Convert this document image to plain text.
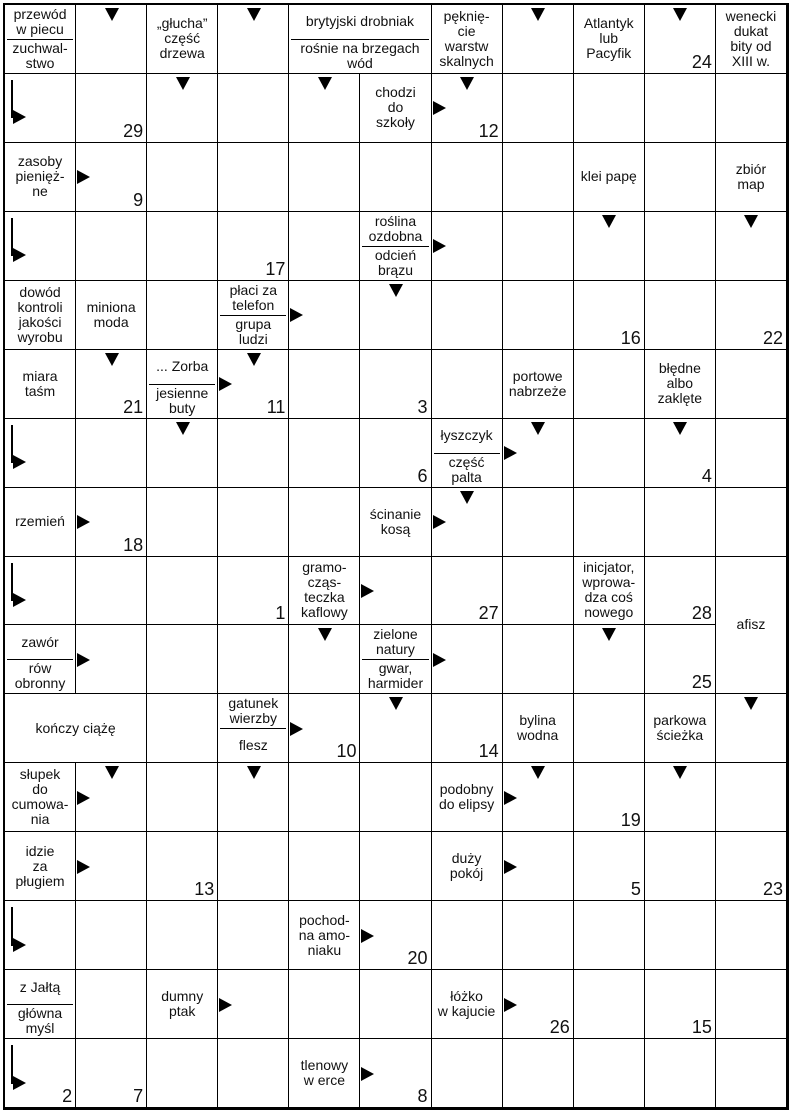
przewód
w piecu
zuchwal-
stwo
„głucha”
część
drzewa
brytyjski drobniak
rośnie na brzegach
wód
pęknię-
cie
warstw
skalnych
Atlantyk
lub
Pacyfik
wenecki
dukat
bity od
XIII w.
chodzi
do
szkoły
zasoby
pienięż-
ne
klei papę	zbiór
map
roślina
ozdobna
odcień
brązu
dowód
kontroli
jakości
wyrobu
miniona
moda
płaci za
telefon
grupa
ludzi
miara
taśm
... Zorba
jesienne
buty
portowe
nabrzeże
błędne
albo
zaklęte
łyszczyk
część
palta
rzemień	ścinanie
kosą
gramo-
cząs-
teczka
kaflowy
inicjator,
wprowa-
dza coś
nowego
afisz
zawór
rów
obronny
zielone
natury
gwar,
harmider
kończy ciążę
gatunek
wierzby
flesz
bylina
wodna
parkowa
ścieżka
słupek
do
cumowa-
nia
podobny
do elipsy
idzie
za
pługiem
duży
pokój
pochod-
na amo-
niaku
z Jałtą
główna
myśl
dumny
ptak
łóżko
w kajucie
tlenowy
w erce
24
29	12
9
17
16	22
21	11	3
6	4
18
1	27	28
25
10	14
19
13	5	23
20
26	15
2	7	8
